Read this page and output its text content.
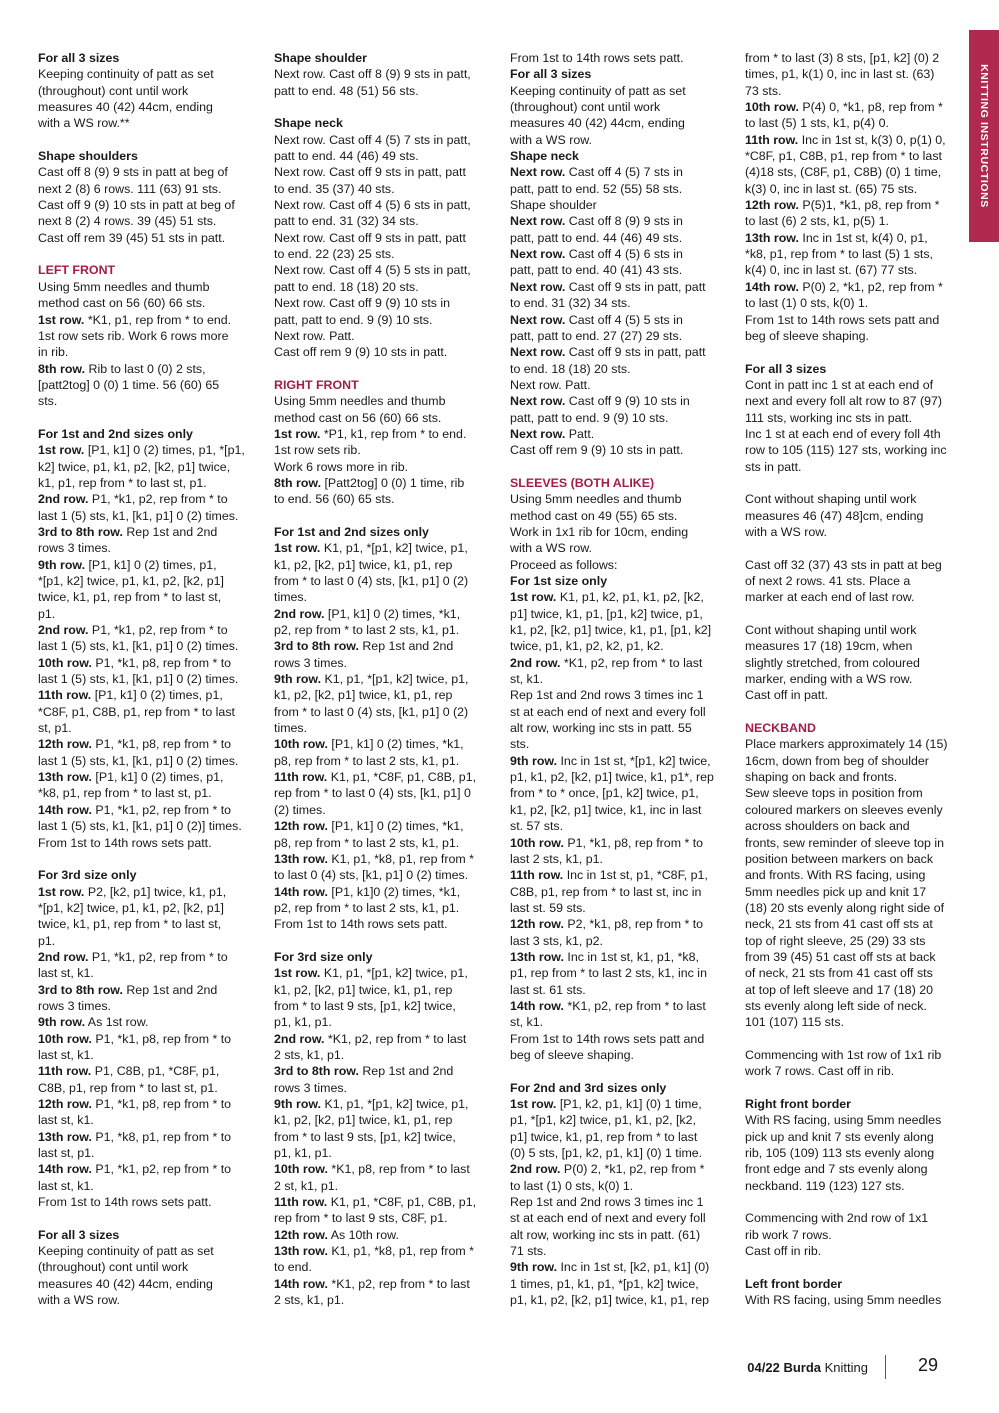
For all 3 sizes

Keeping continuity of patt as set

(throughout) cont until work

measures 40 (42) 44cm, ending

with a WS row.**

Shape shoulders

Cast off 8 (9) 9 sts in patt at beg of

next 2 (8) 6 rows. 111 (63) 91 sts.

Cast off 9 (9) 10 sts in patt at beg of

next 8 (2) 4 rows. 39 (45) 51 sts.

Cast off rem 39 (45) 51 sts in patt.

LEFT FRONT

Using 5mm needles and thumb

method cast on 56 (60) 66 sts.

1st row. *K1, p1, rep from * to end.

1st row sets rib. Work 6 rows more

in rib.

8th row. Rib to last 0 (0) 2 sts,

[patt2tog] 0 (0) 1 time. 56 (60) 65

sts.

For 1st and 2nd sizes only

1st row. [P1, k1] 0 (2) times, p1, *[p1,

k2] twice, p1, k1, p2, [k2, p1] twice,

k1, p1, rep from * to last st, p1.

2nd row. P1, *k1, p2, rep from * to

last 1 (5) sts, k1, [k1, p1] 0 (2) times.

3rd to 8th row. Rep 1st and 2nd

rows 3 times.

9th row. [P1, k1] 0 (2) times, p1,

*[p1, k2] twice, p1, k1, p2, [k2, p1]

twice, k1, p1, rep from * to last st,

p1.

2nd row. P1, *k1, p2, rep from * to

last 1 (5) sts, k1, [k1, p1] 0 (2) times.

10th row. P1, *k1, p8, rep from * to

last 1 (5) sts, k1, [k1, p1] 0 (2) times.

11th row. [P1, k1] 0 (2) times, p1,

*C8F, p1, C8B, p1, rep from * to last

st, p1.

12th row. P1, *k1, p8, rep from * to

last 1 (5) sts, k1, [k1, p1] 0 (2) times.

13th row. [P1, k1] 0 (2) times, p1,

*k8, p1, rep from * to last st, p1.

14th row. P1, *k1, p2, rep from * to

last 1 (5) sts, k1, [k1, p1] 0 (2)] times.

From 1st to 14th rows sets patt.

For 3rd size only

1st row. P2, [k2, p1] twice, k1, p1,

*[p1, k2] twice, p1, k1, p2, [k2, p1]

twice, k1, p1, rep from * to last st,

p1.

2nd row. P1, *k1, p2, rep from * to

last st, k1.

3rd to 8th row. Rep 1st and 2nd

rows 3 times.

9th row. As 1st row.

10th row. P1, *k1, p8, rep from * to

last st, k1.

11th row. P1, C8B, p1, *C8F, p1,

C8B, p1, rep from * to last st, p1.

12th row. P1, *k1, p8, rep from * to

last st, k1.

13th row. P1, *k8, p1, rep from * to

last st, p1.

14th row. P1, *k1, p2, rep from * to

last st, k1.

From 1st to 14th rows sets patt.

For all 3 sizes

Keeping continuity of patt as set

(throughout) cont until work

measures 40 (42) 44cm, ending

with a WS row.

Shape shoulder

Next row. Cast off 8 (9) 9 sts in patt,

patt to end. 48 (51) 56 sts.

Shape neck

Next row. Cast off 4 (5) 7 sts in patt,

patt to end. 44 (46) 49 sts.

Next row. Cast off 9 sts in patt, patt

to end. 35 (37) 40 sts.

Next row. Cast off 4 (5) 6 sts in patt,

patt to end. 31 (32) 34 sts.

Next row. Cast off 9 sts in patt, patt

to end. 22 (23) 25 sts.

Next row. Cast off 4 (5) 5 sts in patt,

patt to end. 18 (18) 20 sts.

Next row. Cast off 9 (9) 10 sts in

patt, patt to end. 9 (9) 10 sts.

Next row. Patt.

Cast off rem 9 (9) 10 sts in patt.

RIGHT FRONT

Using 5mm needles and thumb

method cast on 56 (60) 66 sts.

1st row. *P1, k1, rep from * to end.

1st row sets rib.

Work 6 rows more in rib.

8th row. [Patt2tog] 0 (0) 1 time, rib

to end. 56 (60) 65 sts.

For 1st and 2nd sizes only

1st row. K1, p1, *[p1, k2] twice, p1,

k1, p2, [k2, p1] twice, k1, p1, rep

from * to last 0 (4) sts, [k1, p1] 0 (2)

times.

2nd row. [P1, k1] 0 (2) times, *k1,

p2, rep from * to last 2 sts, k1, p1.

3rd to 8th row. Rep 1st and 2nd

rows 3 times.

9th row. K1, p1, *[p1, k2] twice, p1,

k1, p2, [k2, p1] twice, k1, p1, rep

from * to last 0 (4) sts, [k1, p1] 0 (2)

times.

10th row. [P1, k1] 0 (2) times, *k1,

p8, rep from * to last 2 sts, k1, p1.

11th row. K1, p1, *C8F, p1, C8B, p1,

rep from * to last 0 (4) sts, [k1, p1] 0

(2) times.

12th row. [P1, k1] 0 (2) times, *k1,

p8, rep from * to last 2 sts, k1, p1.

13th row. K1, p1, *k8, p1, rep from *

to last 0 (4) sts, [k1, p1] 0 (2) times.

14th row. [P1, k1]0 (2) times, *k1,

p2, rep from * to last 2 sts, k1, p1.

From 1st to 14th rows sets patt.

For 3rd size only

1st row. K1, p1, *[p1, k2] twice, p1,

k1, p2, [k2, p1] twice, k1, p1, rep

from * to last 9 sts, [p1, k2] twice,

p1, k1, p1.

2nd row. *K1, p2, rep from * to last

2 sts, k1, p1.

3rd to 8th row. Rep 1st and 2nd

rows 3 times.

9th row. K1, p1, *[p1, k2] twice, p1,

k1, p2, [k2, p1] twice, k1, p1, rep

from * to last 9 sts, [p1, k2] twice,

p1, k1, p1.

10th row. *K1, p8, rep from * to last

2 st, k1, p1.

11th row. K1, p1, *C8F, p1, C8B, p1,

rep from * to last 9 sts, C8F, p1.

12th row. As 10th row.

13th row. K1, p1, *k8, p1, rep from *

to end.

14th row. *K1, p2, rep from * to last

2 sts, k1, p1.

From 1st to 14th rows sets patt.

For all 3 sizes

Keeping continuity of patt as set

(throughout) cont until work

measures 40 (42) 44cm, ending

with a WS row.

Shape neck

Next row. Cast off 4 (5) 7 sts in

patt, patt to end. 52 (55) 58 sts.

Shape shoulder

Next row. Cast off 8 (9) 9 sts in

patt, patt to end. 44 (46) 49 sts.

Next row. Cast off 4 (5) 6 sts in

patt, patt to end. 40 (41) 43 sts.

Next row. Cast off 9 sts in patt, patt

to end. 31 (32) 34 sts.

Next row. Cast off 4 (5) 5 sts in

patt, patt to end. 27 (27) 29 sts.

Next row. Cast off 9 sts in patt, patt

to end. 18 (18) 20 sts.

Next row. Patt.

Next row. Cast off 9 (9) 10 sts in

patt, patt to end. 9 (9) 10 sts.

Next row. Patt.

Cast off rem 9 (9) 10 sts in patt.

SLEEVES (BOTH ALIKE)

Using 5mm needles and thumb

method cast on 49 (55) 65 sts.

Work in 1x1 rib for 10cm, ending

with a WS row.

Proceed as follows:

For 1st size only

1st row. K1, p1, k2, p1, k1, p2, [k2,

p1] twice, k1, p1, [p1, k2] twice, p1,

k1, p2, [k2, p1] twice, k1, p1, [p1, k2]

twice, p1, k1, p2, k2, p1, k2.

2nd row. *K1, p2, rep from * to last

st, k1.

Rep 1st and 2nd rows 3 times inc 1

st at each end of next and every foll

alt row, working inc sts in patt. 55

sts.

9th row. Inc in 1st st, *[p1, k2] twice,

p1, k1, p2, [k2, p1] twice, k1, p1*, rep

from * to * once, [p1, k2] twice, p1,

k1, p2, [k2, p1] twice, k1, inc in last

st. 57 sts.

10th row. P1, *k1, p8, rep from * to

last 2 sts, k1, p1.

11th row. Inc in 1st st, p1, *C8F, p1,

C8B, p1, rep from * to last st, inc in

last st. 59 sts.

12th row. P2, *k1, p8, rep from * to

last 3 sts, k1, p2.

13th row. Inc in 1st st, k1, p1, *k8,

p1, rep from * to last 2 sts, k1, inc in

last st. 61 sts.

14th row. *K1, p2, rep from * to last

st, k1.

From 1st to 14th rows sets patt and

beg of sleeve shaping.

For 2nd and 3rd sizes only

1st row. [P1, k2, p1, k1] (0) 1 time,

p1, *[p1, k2] twice, p1, k1, p2, [k2,

p1] twice, k1, p1, rep from * to last

(0) 5 sts, [p1, k2, p1, k1] (0) 1 time.

2nd row. P(0) 2, *k1, p2, rep from *

to last (1) 0 sts, k(0) 1.

Rep 1st and 2nd rows 3 times inc 1

st at each end of next and every foll

alt row, working inc sts in patt. (61)

71 sts.

9th row. Inc in 1st st, [k2, p1, k1] (0)

1 times, p1, k1, p1, *[p1, k2] twice,

p1, k1, p2, [k2, p1] twice, k1, p1, rep

from * to last (3) 8 sts, [p1, k2] (0) 2

times, p1, k(1) 0, inc in last st. (63)

73 sts.

10th row. P(4) 0, *k1, p8, rep from *

to last (5) 1 sts, k1, p(4) 0.

11th row. Inc in 1st st, k(3) 0, p(1) 0,

*C8F, p1, C8B, p1, rep from * to last

(4)18 sts, (C8F, p1, C8B) (0) 1 time,

k(3) 0, inc in last st. (65) 75 sts.

12th row. P(5)1, *k1, p8, rep from *

to last (6) 2 sts, k1, p(5) 1.

13th row. Inc in 1st st, k(4) 0, p1,

*k8, p1, rep from * to last (5) 1 sts,

k(4) 0, inc in last st. (67) 77 sts.

14th row. P(0) 2, *k1, p2, rep from *

to last (1) 0 sts, k(0) 1.

From 1st to 14th rows sets patt and

beg of sleeve shaping.

For all 3 sizes

Cont in patt inc 1 st at each end of

next and every foll alt row to 87 (97)

111 sts, working inc sts in patt.

Inc 1 st at each end of every foll 4th

row to 105 (115) 127 sts, working inc

sts in patt.

Cont without shaping until work

measures 46 (47) 48]cm, ending

with a WS row.

Cast off 32 (37) 43 sts in patt at beg

of next 2 rows. 41 sts. Place a

marker at each end of last row.

Cont without shaping until work

measures 17 (18) 19cm, when

slightly stretched, from coloured

marker, ending with a WS row.

Cast off in patt.

NECKBAND

Place markers approximately 14 (15)

16cm, down from beg of shoulder

shaping on back and fronts.

Sew sleeve tops in position from

coloured markers on sleeves evenly

across shoulders on back and

fronts, sew reminder of sleeve top in

position between markers on back

and fronts. With RS facing, using

5mm needles pick up and knit 17

(18) 20 sts evenly along right side of

neck, 21 sts from 41 cast off sts at

top of right sleeve, 25 (29) 33 sts

from 39 (45) 51 cast off sts at back

of neck, 21 sts from 41 cast off sts

at top of left sleeve and 17 (18) 20

sts evenly along left side of neck.

101 (107) 115 sts.

Commencing with 1st row of 1x1 rib

work 7 rows. Cast off in rib.

Right front border

With RS facing, using 5mm needles

pick up and knit 7 sts evenly along

rib, 105 (109) 113 sts evenly along

front edge and 7 sts evenly along

neckband. 119 (123) 127 sts.

Commencing with 2nd row of 1x1

rib work 7 rows.

Cast off in rib.

Left front border

With RS facing, using 5mm needles

KNITTING INSTRUCTIONS
04/22 Burda Knitting	29
